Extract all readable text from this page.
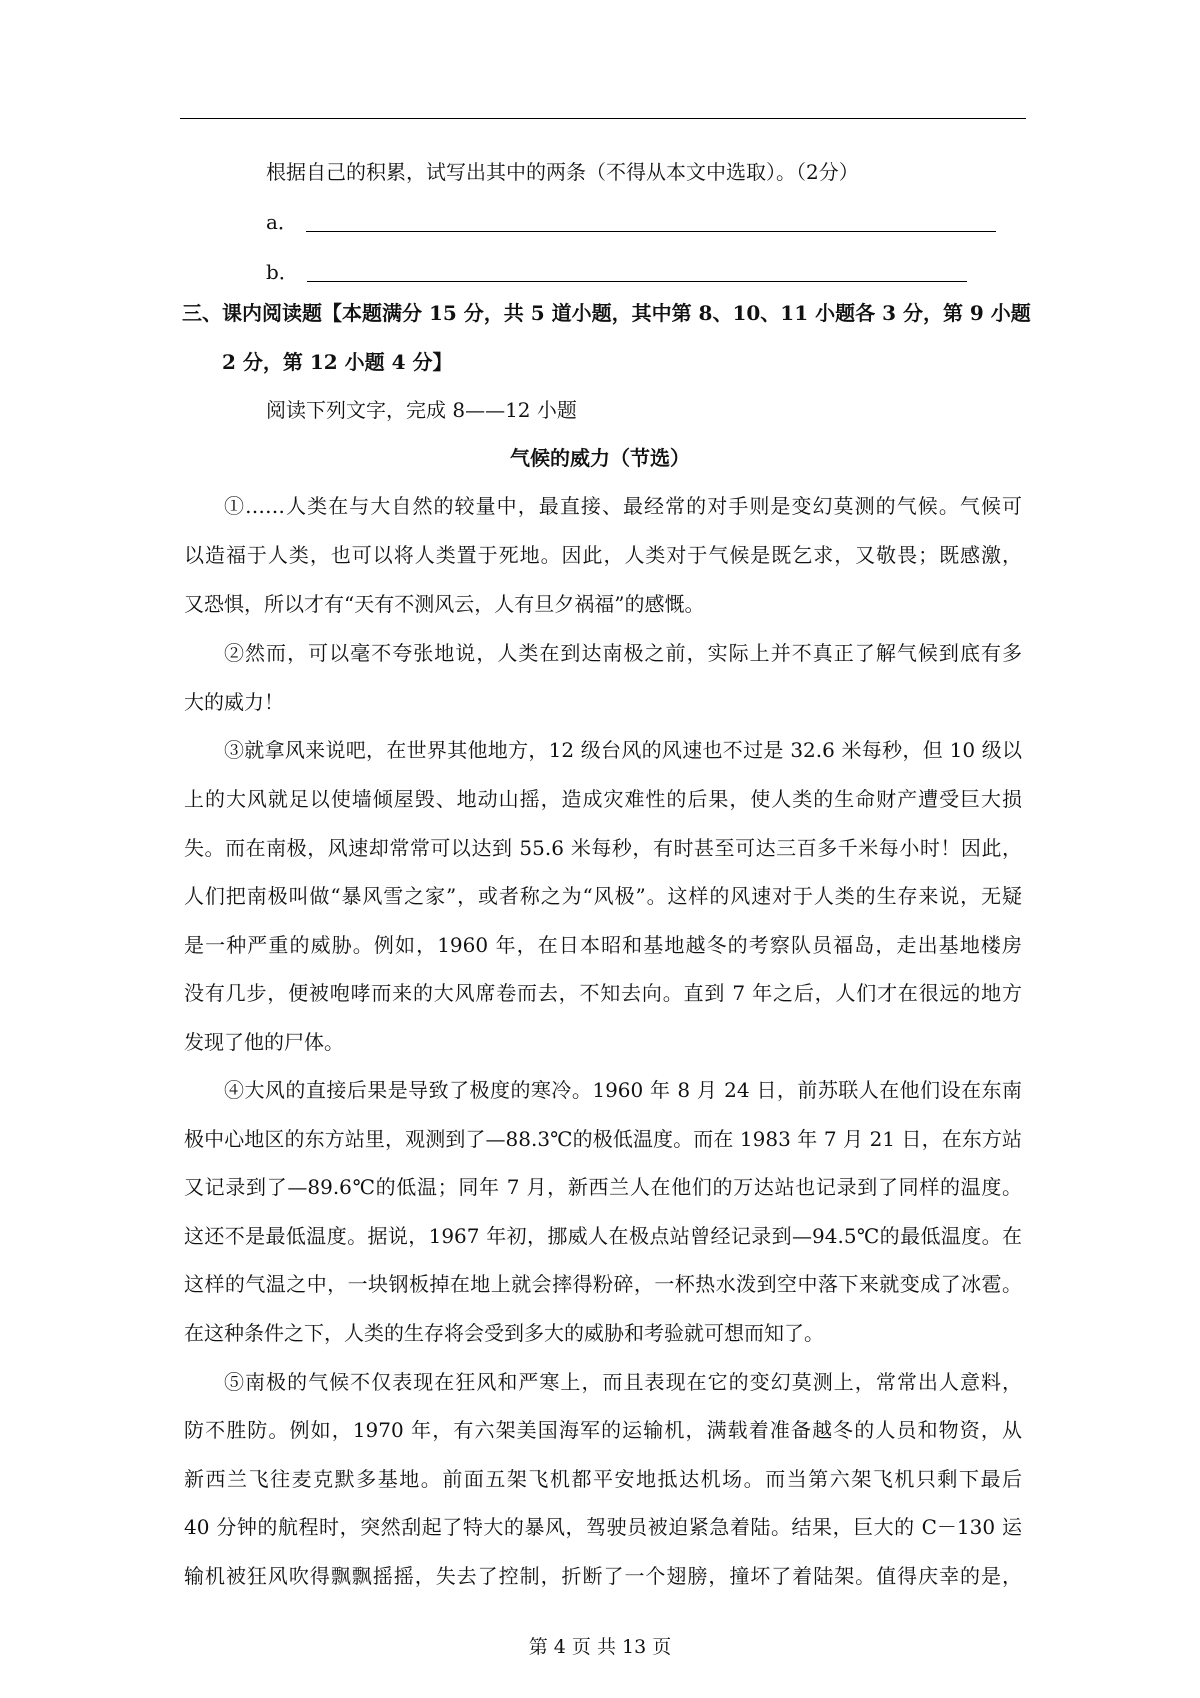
根据自己的积累，试写出其中的两条（不得从本文中选取）。（2分）
a．
b．
三、课内阅读题【本题满分 15 分，共 5 道小题，其中第 8、10、11 小题各 3 分，第 9 小题
2 分，第 12 小题 4 分】
阅读下列文字，完成 8——12 小题
气候的威力（节选）
①……人类在与大自然的较量中，最直接、最经常的对手则是变幻莫测的气候。气候可
以造福于人类，也可以将人类置于死地。因此，人类对于气候是既乞求，又敬畏；既感激，
又恐惧，所以才有“天有不测风云，人有旦夕祸福”的感慨。
②然而，可以毫不夸张地说，人类在到达南极之前，实际上并不真正了解气候到底有多
大的威力！
③就拿风来说吧，在世界其他地方，12 级台风的风速也不过是 32.6 米每秒，但 10 级以
上的大风就足以使墙倾屋毁、地动山摇，造成灾难性的后果，使人类的生命财产遭受巨大损
失。而在南极，风速却常常可以达到 55.6 米每秒，有时甚至可达三百多千米每小时！因此，
人们把南极叫做“暴风雪之家”，或者称之为“风极”。这样的风速对于人类的生存来说，无疑
是一种严重的威胁。例如，1960 年，在日本昭和基地越冬的考察队员福岛，走出基地楼房
没有几步，便被咆哮而来的大风席卷而去，不知去向。直到 7 年之后，人们才在很远的地方
发现了他的尸体。
④大风的直接后果是导致了极度的寒冷。1960 年 8 月 24 日，前苏联人在他们设在东南
极中心地区的东方站里，观测到了—88.3℃的极低温度。而在 1983 年 7 月 21 日，在东方站
又记录到了—89.6℃的低温；同年 7 月，新西兰人在他们的万达站也记录到了同样的温度。
这还不是最低温度。据说，1967 年初，挪威人在极点站曾经记录到—94.5℃的最低温度。在
这样的气温之中，一块钢板掉在地上就会摔得粉碎，一杯热水泼到空中落下来就变成了冰雹。
在这种条件之下，人类的生存将会受到多大的威胁和考验就可想而知了。
⑤南极的气候不仅表现在狂风和严寒上，而且表现在它的变幻莫测上，常常出人意料，
防不胜防。例如，1970 年，有六架美国海军的运输机，满载着准备越冬的人员和物资，从
新西兰飞往麦克默多基地。前面五架飞机都平安地抵达机场。而当第六架飞机只剩下最后
40 分钟的航程时，突然刮起了特大的暴风，驾驶员被迫紧急着陆。结果，巨大的 C－130 运
输机被狂风吹得飘飘摇摇，失去了控制，折断了一个翅膀，撞坏了着陆架。值得庆幸的是，
第 4 页 共 13 页
